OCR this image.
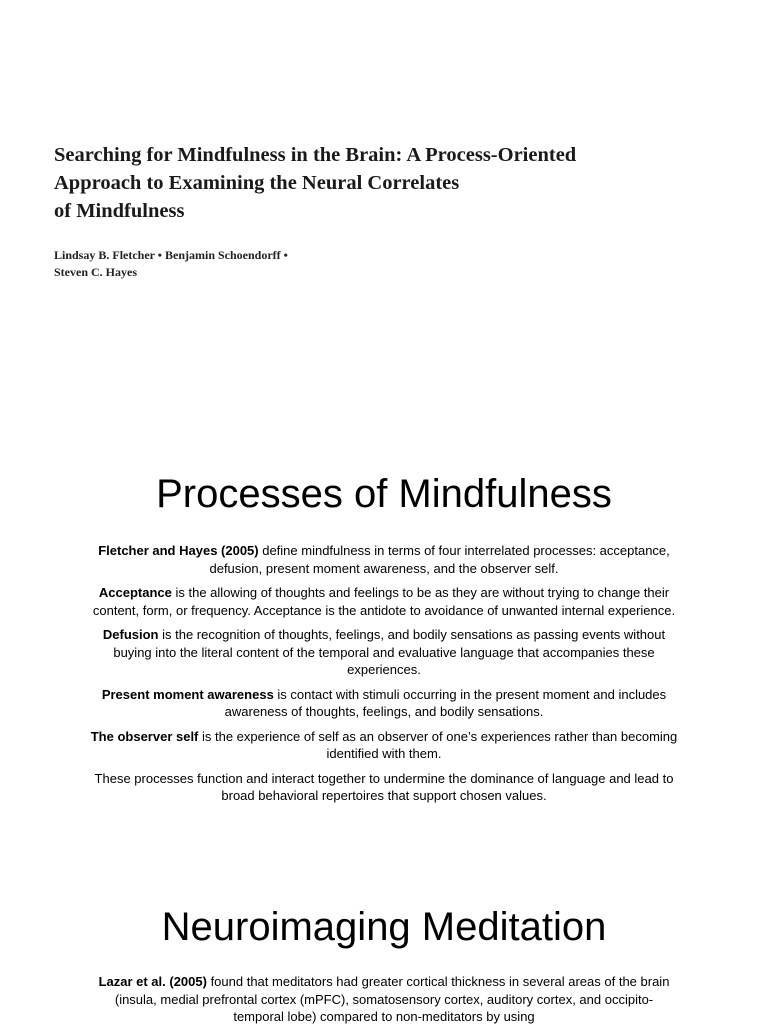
Searching for Mindfulness in the Brain: A Process-Oriented
Approach to Examining the Neural Correlates
of Mindfulness
Lindsay B. Fletcher • Benjamin Schoendorff •
Steven C. Hayes
Processes of Mindfulness

Fletcher and Hayes (2005) define mindfulness in terms of four interrelated processes: acceptance, defusion, present moment awareness, and the observer self.

Acceptance is the allowing of thoughts and feelings to be as they are without trying to change their content, form, or frequency. Acceptance is the antidote to avoidance of unwanted internal experience.

Defusion is the recognition of thoughts, feelings, and bodily sensations as passing events without buying into the literal content of the temporal and evaluative language that accompanies these experiences.

Present moment awareness is contact with stimuli occurring in the present moment and includes awareness of thoughts, feelings, and bodily sensations.

The observer self is the experience of self as an observer of one’s experiences rather than becoming identified with them.

These processes function and interact together to undermine the dominance of language and lead to broad behavioral repertoires that support chosen values.

Neuroimaging Meditation

Lazar et al. (2005) found that meditators had greater cortical thickness in several areas of the brain (insula, medial prefrontal cortex (mPFC), somatosensory cortex, auditory cortex, and occipito-temporal lobe) compared to non-meditators by using
